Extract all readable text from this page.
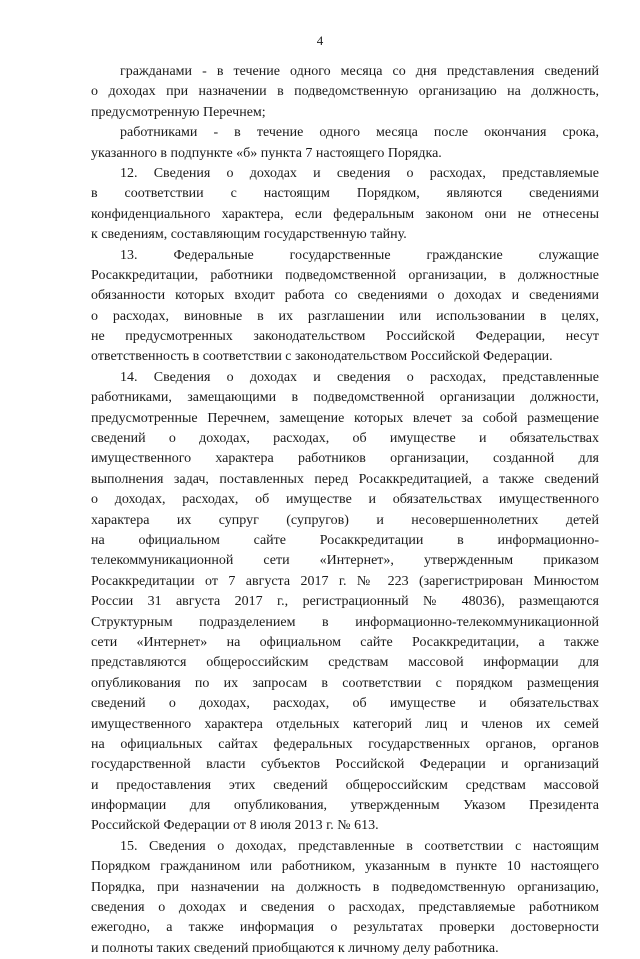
4
гражданами - в течение одного месяца со дня представления сведений
о доходах при назначении в подведомственную организацию на должность,
предусмотренную Перечнем;
работниками - в течение одного месяца после окончания срока,
указанного в подпункте «б» пункта 7 настоящего Порядка.
12. Сведения о доходах и сведения о расходах, представляемые
в соответствии с настоящим Порядком, являются сведениями
конфиденциального характера, если федеральным законом они не отнесены
к сведениям, составляющим государственную тайну.
13. Федеральные государственные гражданские служащие
Росаккредитации, работники подведомственной организации, в должностные
обязанности которых входит работа со сведениями о доходах и сведениями
о расходах, виновные в их разглашении или использовании в целях,
не предусмотренных законодательством Российской Федерации, несут
ответственность в соответствии с законодательством Российской Федерации.
14. Сведения о доходах и сведения о расходах, представленные
работниками, замещающими в подведомственной организации должности,
предусмотренные Перечнем, замещение которых влечет за собой размещение
сведений о доходах, расходах, об имуществе и обязательствах
имущественного характера работников организации, созданной для
выполнения задач, поставленных перед Росаккредитацией, а также сведений
о доходах, расходах, об имуществе и обязательствах имущественного
характера их супруг (супругов) и несовершеннолетних детей
на официальном сайте Росаккредитации в информационно-
телекоммуникационной сети «Интернет», утвержденным приказом
Росаккредитации от 7 августа 2017 г. № 223 (зарегистрирован Минюстом
России 31 августа 2017 г., регистрационный № 48036), размещаются
Структурным подразделением в информационно-телекоммуникационной
сети «Интернет» на официальном сайте Росаккредитации, а также
представляются общероссийским средствам массовой информации для
опубликования по их запросам в соответствии с порядком размещения
сведений о доходах, расходах, об имуществе и обязательствах
имущественного характера отдельных категорий лиц и членов их семей
на официальных сайтах федеральных государственных органов, органов
государственной власти субъектов Российской Федерации и организаций
и предоставления этих сведений общероссийским средствам массовой
информации для опубликования, утвержденным Указом Президента
Российской Федерации от 8 июля 2013 г. № 613.
15. Сведения о доходах, представленные в соответствии с настоящим
Порядком гражданином или работником, указанным в пункте 10 настоящего
Порядка, при назначении на должность в подведомственную организацию,
сведения о доходах и сведения о расходах, представляемые работником
ежегодно, а также информация о результатах проверки достоверности
и полноты таких сведений приобщаются к личному делу работника.
